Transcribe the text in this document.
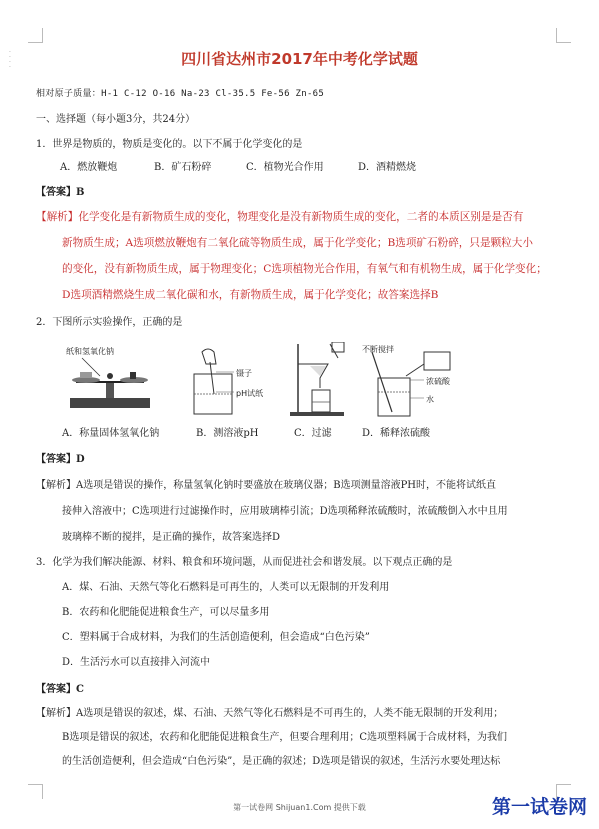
·
·
·
·	四川省达州市2017年中考化学试题
相对原子质量：H-1 C-12 O-16 Na-23 Cl-35.5 Fe-56 Zn-65
一、选择题（每小题3分，共24分）
1．世界是物质的，物质是变化的。以下不属于化学变化的是
A．燃放鞭炮	B．矿石粉碎	C．植物光合作用	D．酒精燃烧
【答案】B
【解析】化学变化是有新物质生成的变化，物理变化是没有新物质生成的变化，二者的本质区别是是否有
新物质生成；A选项燃放鞭炮有二氧化硫等物质生成，属于化学变化；B选项矿石粉碎，只是颗粒大小
的变化，没有新物质生成，属于物理变化；C选项植物光合作用，有氧气和有机物生成，属于化学变化；
D选项酒精燃烧生成二氧化碳和水，有新物质生成，属于化学变化；故答案选择B
2．下图所示实验操作，正确的是
纸和氢氧化钠
镊子
pH试纸
不断搅拌
浓硫酸
水
A．称量固体氢氧化钠	B．测溶液pH	C．过滤	D．稀释浓硫酸
【答案】D
【解析】A选项是错误的操作，称量氢氧化钠时要盛放在玻璃仪器；B选项测量溶液PH时，不能将试纸直
接伸入溶液中；C选项进行过滤操作时，应用玻璃棒引流；D选项稀释浓硫酸时，浓硫酸倒入水中且用
玻璃棒不断的搅拌，是正确的操作，故答案选择D
3．化学为我们解决能源、材料、粮食和环境问题，从而促进社会和谐发展。以下观点正确的是
A．煤、石油、天然气等化石燃料是可再生的，人类可以无限制的开发利用
B．农药和化肥能促进粮食生产，可以尽量多用
C．塑料属于合成材料，为我们的生活创造便利，但会造成“白色污染”
D．生活污水可以直接排入河流中
【答案】C
【解析】A选项是错误的叙述，煤、石油、天然气等化石燃料是不可再生的，人类不能无限制的开发利用；
B选项是错误的叙述，农药和化肥能促进粮食生产，但要合理利用；C选项塑料属于合成材料，为我们
的生活创造便利，但会造成“白色污染”，是正确的叙述；D选项是错误的叙述，生活污水要处理达标
第一试卷网 Shijuan1.Com 提供下载	第一试卷网
